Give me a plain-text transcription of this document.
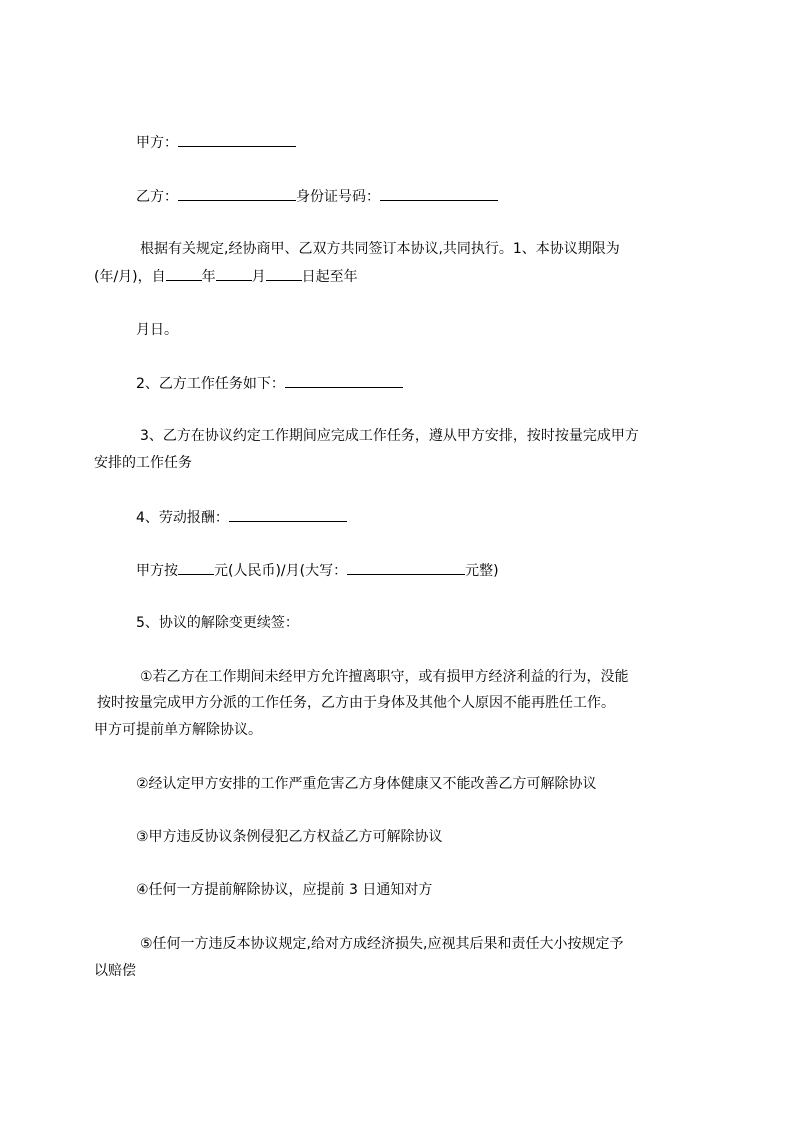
甲方：
乙方：	身份证号码：
根据有关规定,经协商甲、乙双方共同签订本协议,共同执行。1、本协议期限为
(年/月)，自	年	月	日起至年
月日。
2、乙方工作任务如下：
3、乙方在协议约定工作期间应完成工作任务，遵从甲方安排，按时按量完成甲方
安排的工作任务
4、劳动报酬：
甲方按	元(人民币)/月(大写：	元整)
5、协议的解除变更续签：
①若乙方在工作期间未经甲方允许擅离职守，或有损甲方经济利益的行为，没能
按时按量完成甲方分派的工作任务，乙方由于身体及其他个人原因不能再胜任工作。
甲方可提前单方解除协议。
②经认定甲方安排的工作严重危害乙方身体健康又不能改善乙方可解除协议
③甲方违反协议条例侵犯乙方权益乙方可解除协议
④任何一方提前解除协议，应提前 3 日通知对方
⑤任何一方违反本协议规定,给对方成经济损失,应视其后果和责任大小按规定予
以赔偿
